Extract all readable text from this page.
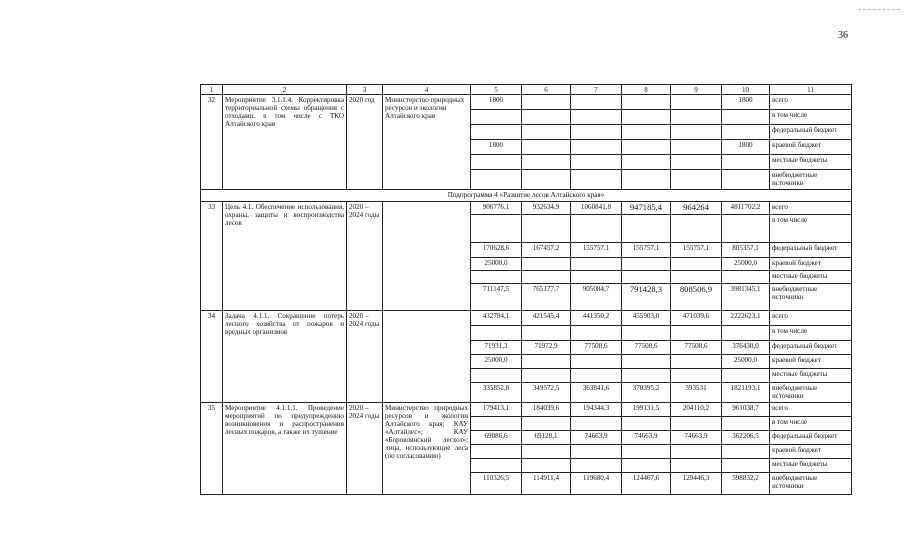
36
1	2	3	4	5	6	7	8	9	10	11
32	Мероприятие 3.1.1.4. Корректировка территориальной схемы обращения с отходами, в том числе с ТКО Алтайского края	2020 год	Министерство природных ресурсов и экологии Алтайского края	1800					1800	всего
										в том числе
										федеральный бюджет
				1800					1800	краевой бюджет
										местные бюджеты
										внебюджетные источники
Подпрограмма 4 «Развитие лесов Алтайского края»										
33	Цель 4.1. Обеспечение использования, охраны, защиты и воспроизводства лесов	2020 – 2024 годы		906776,1	932634,9	1060841,8	947185,4	964264	4811702,2	всего
										в том числе
				170628,6	167457,2	155757,1	155757,1	155757,1	805357,1	федеральный бюджет
				25000,0					25000,0	краевой бюджет
										местные бюджеты
				711147,5	765177,7	905084,7	791428,3	808506,9	3981345,1	внебюджетные источники
34	Задача 4.1.1. Сокращение потерь лесного хозяйства от пожаров и вредных организмов	2020 – 2024 годы		432784,1	421545,4	441350,2	455903,8	471039,6	2222623,1	всего
										в том числе
				71931,3	71972,9	77508,6	77508,6	77508,6	376430,0	федеральный бюджет
				25000,0					25000,0	краевой бюджет
										местные бюджеты
				335852,8	349572,5	363841,6	378395,2	393531	1821193,1	внебюджетные источники
35	Мероприятие 4.1.1.1. Проведение мероприятий по предупреждению возникновения и распространения лесных пожаров, а также их тушение	2020 – 2024 годы	Министерство природных ресурсов и экологии Алтайского края; КАУ «Алтайлес»; КАУ «Боровлянский лесхоз»; лица, использующие леса (по согласованию)	179413,1	184039,6	194344,3	199131,5	204110,2	961038,7	всего
										в том числе
				69086,6	69128,1	74663,9	74663,9	74663,9	362206,5	федеральный бюджет
										краевой бюджет
										местные бюджеты
				110326,5	114911,4	119680,4	124467,6	129446,3	598832,2	внебюджетные источники
